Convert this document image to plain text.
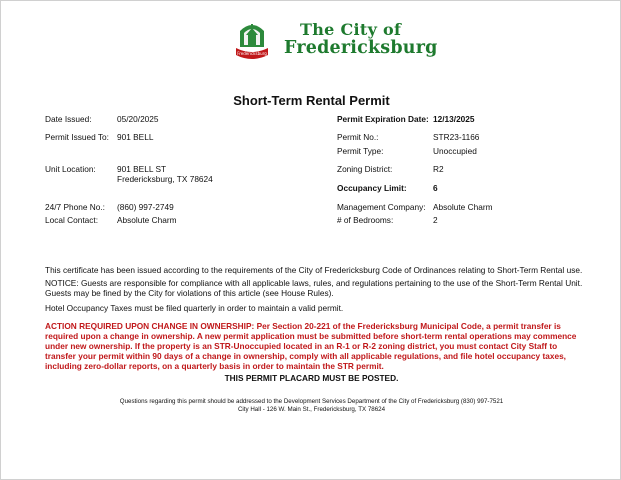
Fredericksburg
The City of
Fredericksburg
Short-Term Rental Permit
Date Issued:	05/20/2025
Permit Issued To: 901 BELL
Unit Location:	901 BELL ST
Fredericksburg, TX 78624
24/7 Phone No.: (860) 997-2749
Local Contact: Absolute Charm
Permit Expiration Date: 12/13/2025
Permit No.:	STR23-1166
Permit Type:	Unoccupied
Zoning District:	R2
Occupancy Limit:	6
Management Company: Absolute Charm
# of Bedrooms:	2
This certificate has been issued according to the requirements of the City of Fredericksburg Code of Ordinances relating to Short-Term Rental use.
NOTICE: Guests are responsible for compliance with all applicable laws, rules, and regulations pertaining to the use of the Short-Term Rental Unit. Guests may be fined by the City for violations of this article (see House Rules).
Hotel Occupancy Taxes must be filed quarterly in order to maintain a valid permit.
ACTION REQUIRED UPON CHANGE IN OWNERSHIP: Per Section 20-221 of the Fredericksburg Municipal Code, a permit transfer is required upon a change in ownership. A new permit application must be submitted before short-term rental operations may commence under new ownership. If the property is an STR-Unoccupied located in an R-1 or R-2 zoning district, you must contact City Staff to transfer your permit within 90 days of a change in ownership, comply with all applicable regulations, and file hotel occupancy taxes, including zero-dollar reports, on a quarterly basis in order to maintain the STR permit.
THIS PERMIT PLACARD MUST BE POSTED.
Questions regarding this permit should be addressed to the Development Services Department of the City of Fredericksburg (830) 997-7521
City Hall - 126 W. Main St., Fredericksburg, TX 78624
